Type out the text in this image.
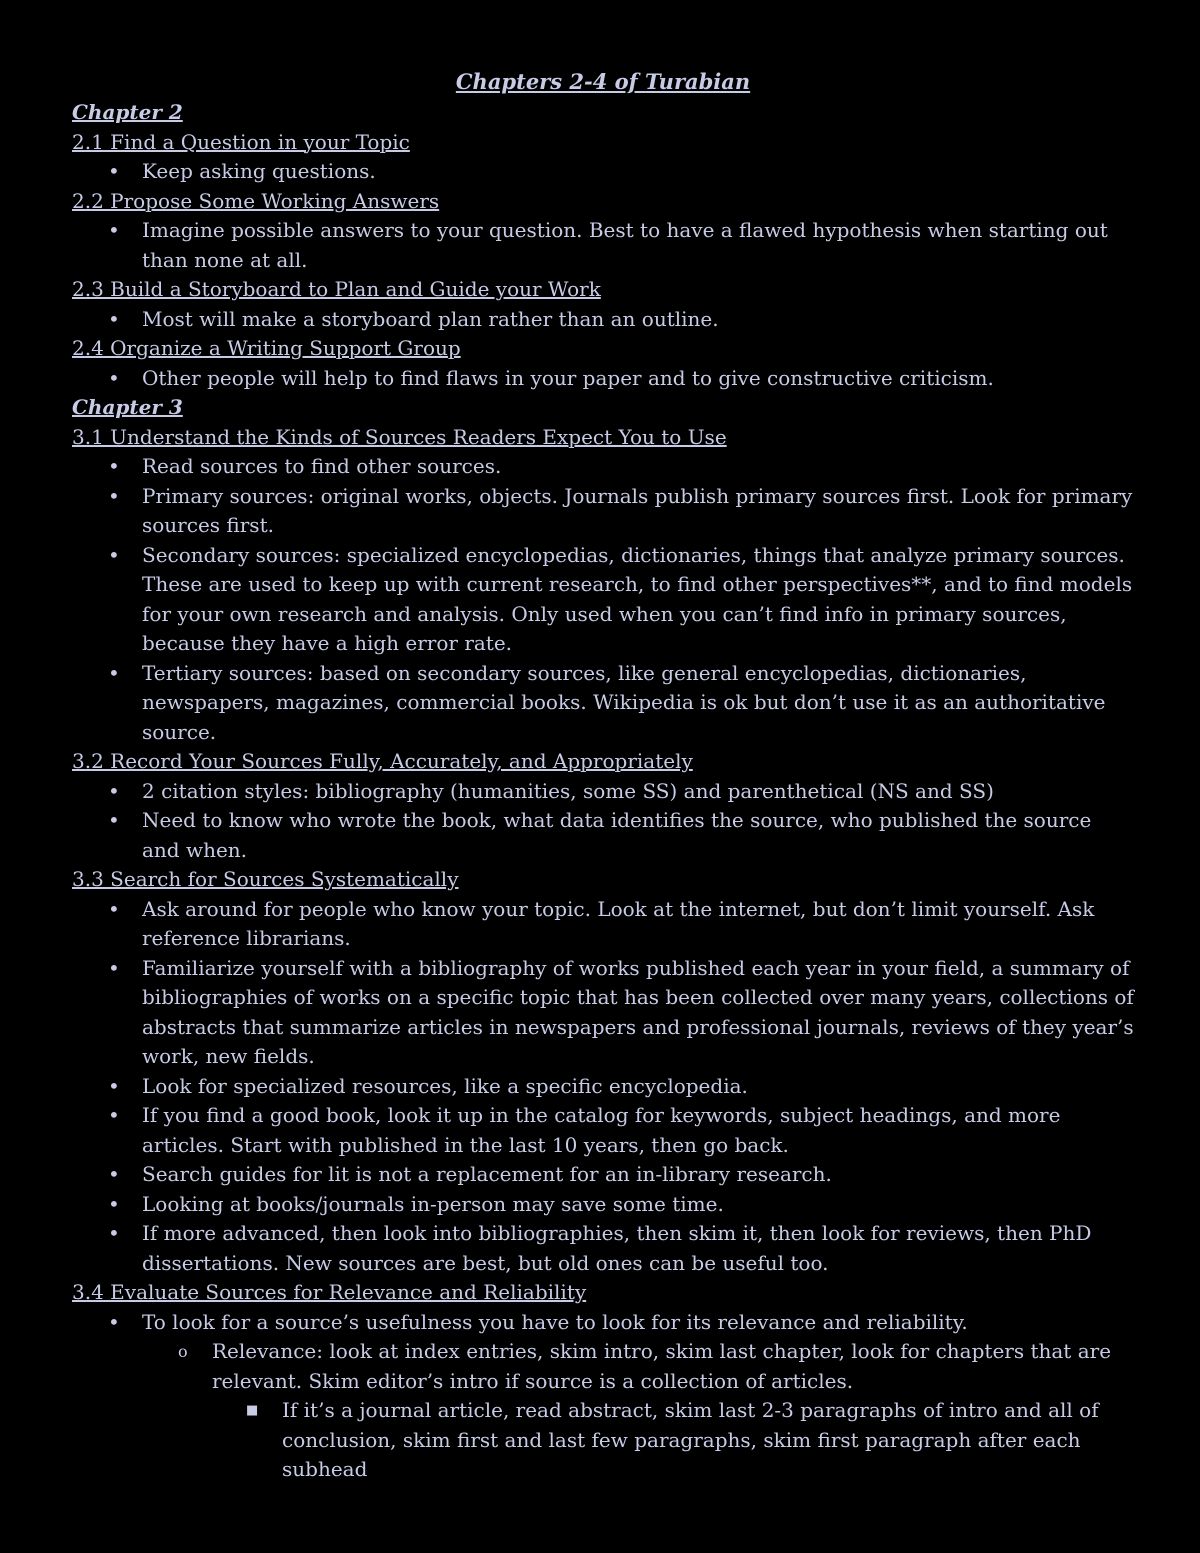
Chapters 2-4 of Turabian
Chapter 2
2.1 Find a Question in your Topic
• Keep asking questions.
2.2 Propose Some Working Answers
• Imagine possible answers to your question. Best to have a flawed hypothesis when starting out than none at all.
2.3 Build a Storyboard to Plan and Guide your Work
• Most will make a storyboard plan rather than an outline.
2.4 Organize a Writing Support Group
• Other people will help to find flaws in your paper and to give constructive criticism.
Chapter 3
3.1 Understand the Kinds of Sources Readers Expect You to Use
• Read sources to find other sources.
• Primary sources: original works, objects. Journals publish primary sources first. Look for primary sources first.
• Secondary sources: specialized encyclopedias, dictionaries, things that analyze primary sources. These are used to keep up with current research, to find other perspectives**, and to find models for your own research and analysis. Only used when you can’t find info in primary sources, because they have a high error rate.
• Tertiary sources: based on secondary sources, like general encyclopedias, dictionaries, newspapers, magazines, commercial books. Wikipedia is ok but don’t use it as an authoritative source.
3.2 Record Your Sources Fully, Accurately, and Appropriately
• 2 citation styles: bibliography (humanities, some SS) and parenthetical (NS and SS)
• Need to know who wrote the book, what data identifies the source, who published the source and when.
3.3 Search for Sources Systematically
• Ask around for people who know your topic. Look at the internet, but don’t limit yourself. Ask reference librarians.
• Familiarize yourself with a bibliography of works published each year in your field, a summary of bibliographies of works on a specific topic that has been collected over many years, collections of abstracts that summarize articles in newspapers and professional journals, reviews of they year’s work, new fields.
• Look for specialized resources, like a specific encyclopedia.
• If you find a good book, look it up in the catalog for keywords, subject headings, and more articles. Start with published in the last 10 years, then go back.
• Search guides for lit is not a replacement for an in-library research.
• Looking at books/journals in-person may save some time.
• If more advanced, then look into bibliographies, then skim it, then look for reviews, then PhD dissertations. New sources are best, but old ones can be useful too.
3.4 Evaluate Sources for Relevance and Reliability
• To look for a source’s usefulness you have to look for its relevance and reliability.
o Relevance: look at index entries, skim intro, skim last chapter, look for chapters that are relevant. Skim editor’s intro if source is a collection of articles.
■ If it’s a journal article, read abstract, skim last 2-3 paragraphs of intro and all of conclusion, skim first and last few paragraphs, skim first paragraph after each subhead
